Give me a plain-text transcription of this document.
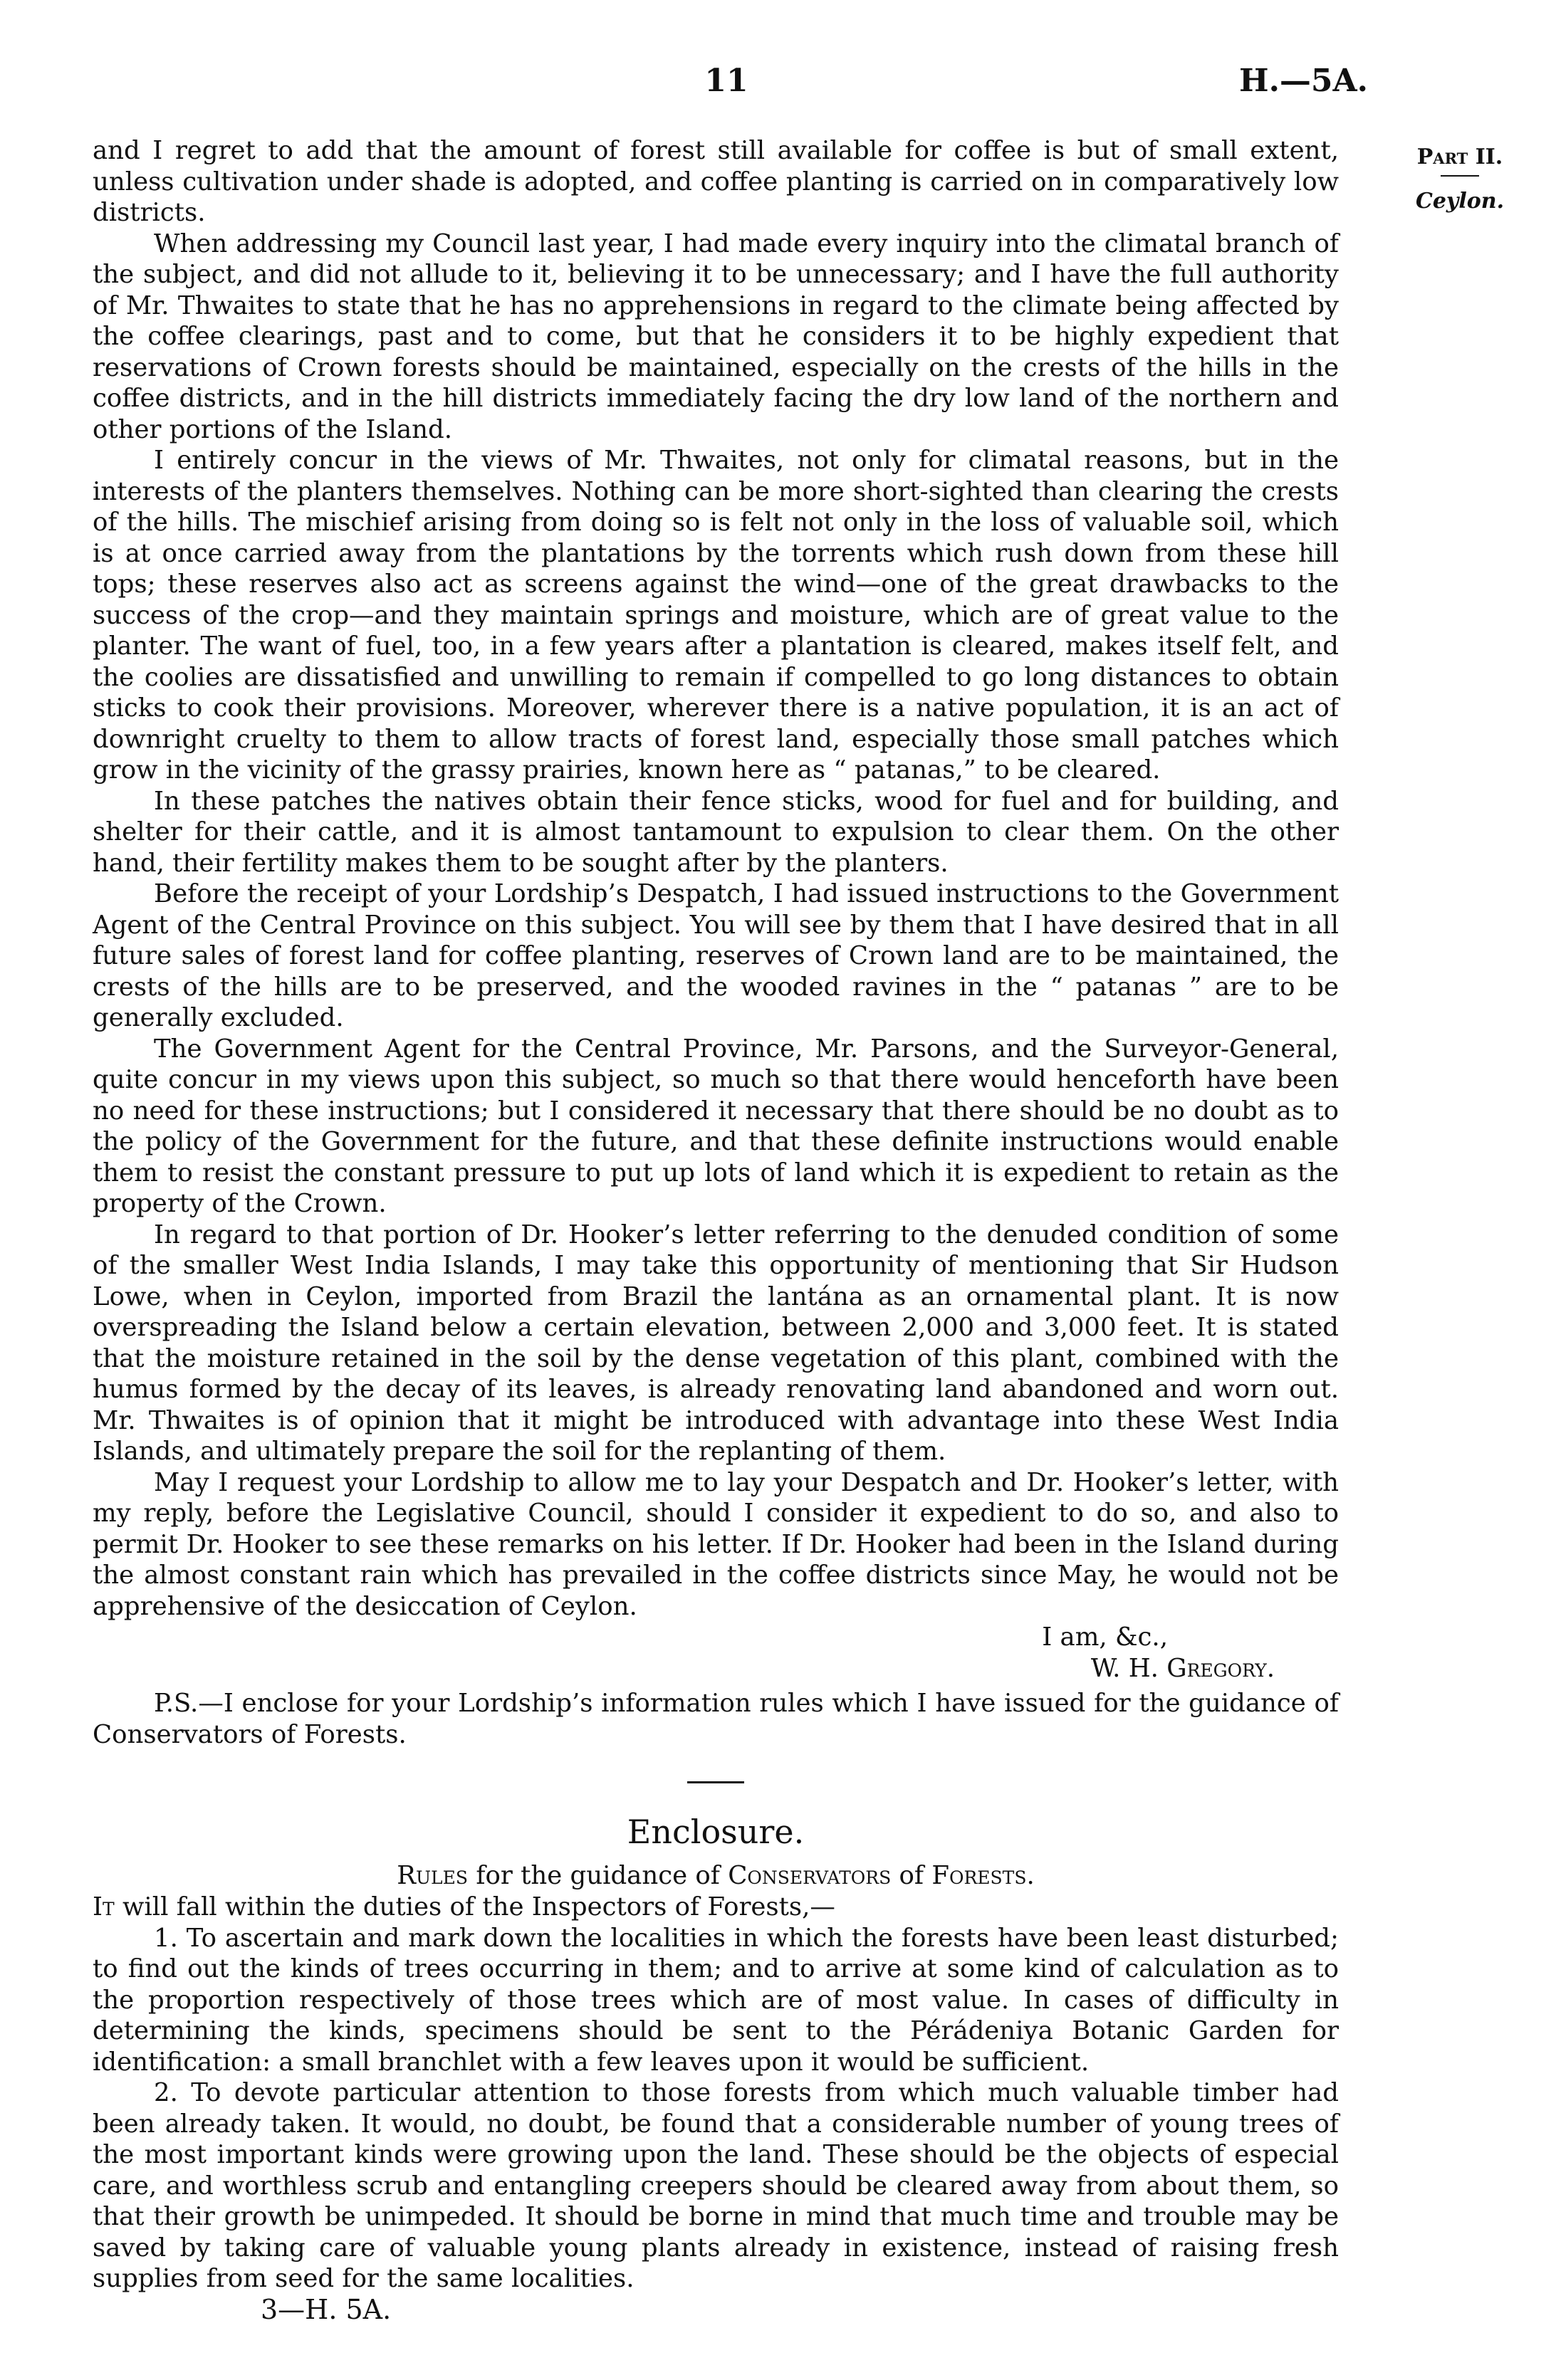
11	H.—5A.
Part II.
Ceylon.

and I regret to add that the amount of forest still available for coffee is but of small extent, unless cultivation under shade is adopted, and coffee planting is carried on in comparatively low districts.

When addressing my Council last year, I had made every inquiry into the climatal branch of the subject, and did not allude to it, believing it to be unnecessary; and I have the full authority of Mr. Thwaites to state that he has no apprehensions in regard to the climate being affected by the coffee clearings, past and to come, but that he considers it to be highly expedient that reservations of Crown forests should be maintained, especially on the crests of the hills in the coffee districts, and in the hill districts immediately facing the dry low land of the northern and other portions of the Island.

I entirely concur in the views of Mr. Thwaites, not only for climatal reasons, but in the interests of the planters themselves. Nothing can be more short-sighted than clearing the crests of the hills. The mischief arising from doing so is felt not only in the loss of valuable soil, which is at once carried away from the plantations by the torrents which rush down from these hill tops; these reserves also act as screens against the wind—one of the great drawbacks to the success of the crop—and they maintain springs and moisture, which are of great value to the planter. The want of fuel, too, in a few years after a plantation is cleared, makes itself felt, and the coolies are dissatisfied and unwilling to remain if compelled to go long distances to obtain sticks to cook their provisions. Moreover, wherever there is a native population, it is an act of downright cruelty to them to allow tracts of forest land, especially those small patches which grow in the vicinity of the grassy prairies, known here as “ patanas,” to be cleared.

In these patches the natives obtain their fence sticks, wood for fuel and for building, and shelter for their cattle, and it is almost tantamount to expulsion to clear them. On the other hand, their fertility makes them to be sought after by the planters.

Before the receipt of your Lordship’s Despatch, I had issued instructions to the Government Agent of the Central Province on this subject. You will see by them that I have desired that in all future sales of forest land for coffee planting, reserves of Crown land are to be maintained, the crests of the hills are to be preserved, and the wooded ravines in the “ patanas ” are to be generally excluded.

The Government Agent for the Central Province, Mr. Parsons, and the Surveyor-General, quite concur in my views upon this subject, so much so that there would henceforth have been no need for these instructions; but I considered it necessary that there should be no doubt as to the policy of the Government for the future, and that these definite instructions would enable them to resist the constant pressure to put up lots of land which it is expedient to retain as the property of the Crown.

In regard to that portion of Dr. Hooker’s letter referring to the denuded condition of some of the smaller West India Islands, I may take this opportunity of mentioning that Sir Hudson Lowe, when in Ceylon, imported from Brazil the lantána as an ornamental plant. It is now overspreading the Island below a certain elevation, between 2,000 and 3,000 feet. It is stated that the moisture retained in the soil by the dense vegetation of this plant, combined with the humus formed by the decay of its leaves, is already renovating land abandoned and worn out. Mr. Thwaites is of opinion that it might be introduced with advantage into these West India Islands, and ultimately prepare the soil for the replanting of them.

May I request your Lordship to allow me to lay your Despatch and Dr. Hooker’s letter, with my reply, before the Legislative Council, should I consider it expedient to do so, and also to permit Dr. Hooker to see these remarks on his letter. If Dr. Hooker had been in the Island during the almost constant rain which has prevailed in the coffee districts since May, he would not be apprehensive of the desiccation of Ceylon.

I am, &c.,

W. H. Gregory.

P.S.—I enclose for your Lordship’s information rules which I have issued for the guidance of Conservators of Forests.

Enclosure.
Rules for the guidance of Conservators of Forests.

It will fall within the duties of the Inspectors of Forests,—

1. To ascertain and mark down the localities in which the forests have been least disturbed; to find out the kinds of trees occurring in them; and to arrive at some kind of calculation as to the proportion respectively of those trees which are of most value. In cases of difficulty in determining the kinds, specimens should be sent to the Pérádeniya Botanic Garden for identification: a small branchlet with a few leaves upon it would be sufficient.

2. To devote particular attention to those forests from which much valuable timber had been already taken. It would, no doubt, be found that a considerable number of young trees of the most important kinds were growing upon the land. These should be the objects of especial care, and worthless scrub and entangling creepers should be cleared away from about them, so that their growth be unimpeded. It should be borne in mind that much time and trouble may be saved by taking care of valuable young plants already in existence, instead of raising fresh supplies from seed for the same localities.

3—H. 5A.
